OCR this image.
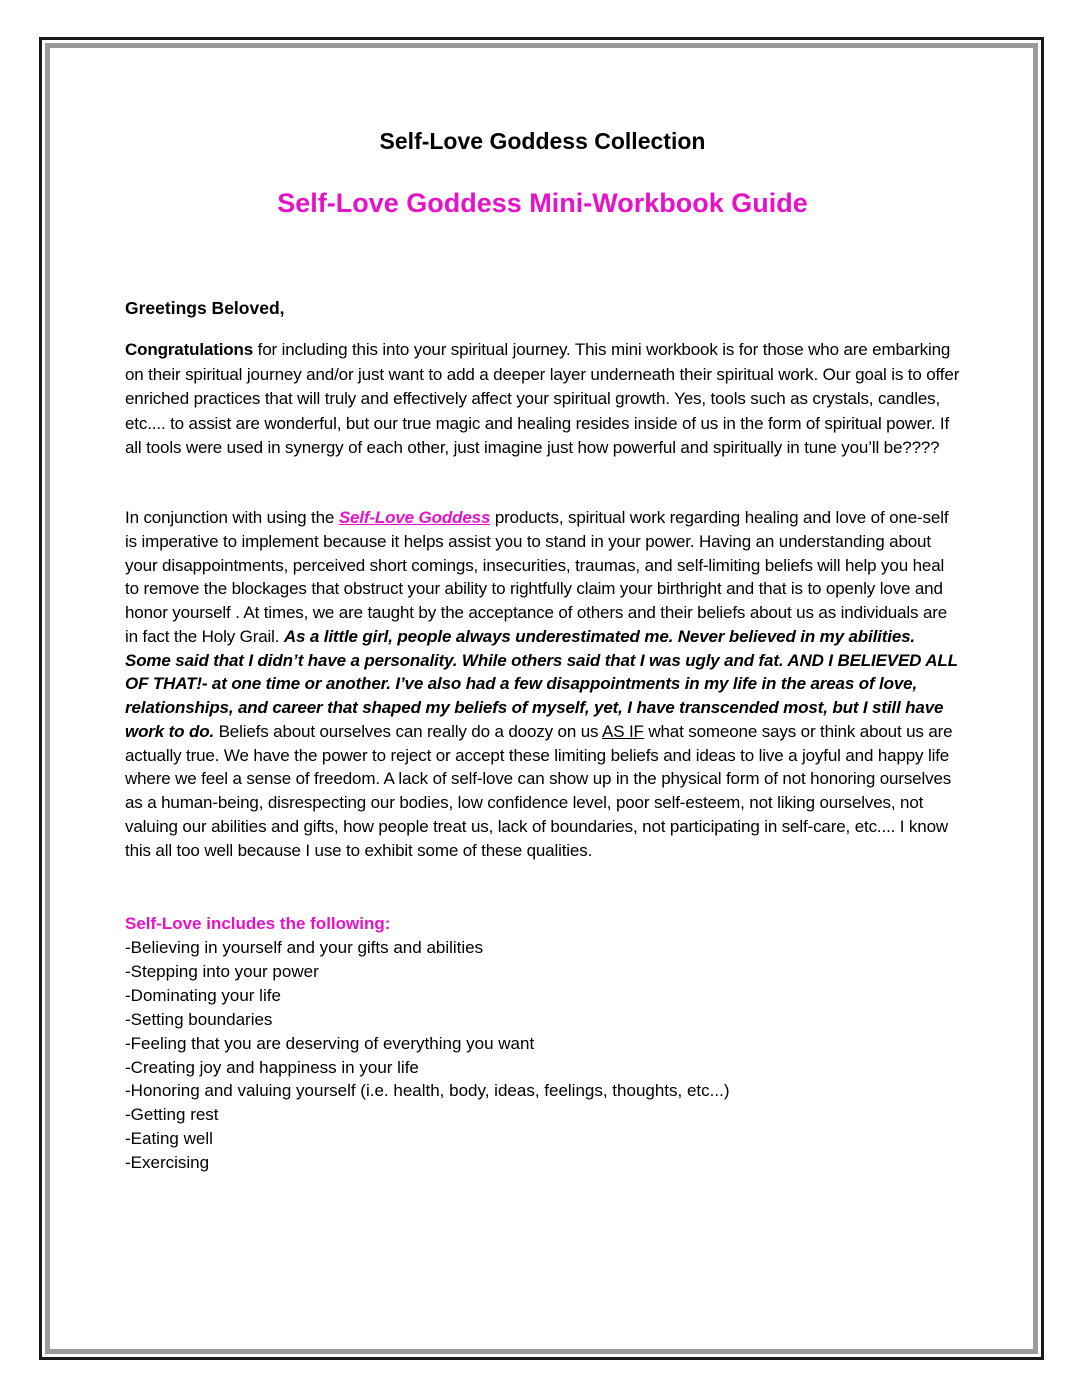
Self-Love Goddess Collection
Self-Love Goddess Mini-Workbook Guide
Greetings Beloved,
Congratulations for including this into your spiritual journey. This mini workbook is for those who are embarking on their spiritual journey and/or just want to add a deeper layer underneath their spiritual work. Our goal is to offer enriched practices that will truly and effectively affect your spiritual growth. Yes, tools such as crystals, candles, etc.... to assist are wonderful, but our true magic and healing resides inside of us in the form of spiritual power. If all tools were used in synergy of each other, just imagine just how powerful and spiritually in tune you’ll be????
In conjunction with using the Self-Love Goddess products, spiritual work regarding healing and love of one-self is imperative to implement because it helps assist you to stand in your power. Having an understanding about your disappointments, perceived short comings, insecurities, traumas, and self-limiting beliefs will help you heal to remove the blockages that obstruct your ability to rightfully claim your birthright and that is to openly love and honor yourself . At times, we are taught by the acceptance of others and their beliefs about us as individuals are in fact the Holy Grail. As a little girl, people always underestimated me. Never believed in my abilities. Some said that I didn’t have a personality. While others said that I was ugly and fat. AND I BELIEVED ALL OF THAT!- at one time or another. I’ve also had a few disappointments in my life in the areas of love, relationships, and career that shaped my beliefs of myself, yet, I have transcended most, but I still have work to do. Beliefs about ourselves can really do a doozy on us AS IF what someone says or think about us are actually true. We have the power to reject or accept these limiting beliefs and ideas to live a joyful and happy life where we feel a sense of freedom. A lack of self-love can show up in the physical form of not honoring ourselves as a human-being, disrespecting our bodies, low confidence level, poor self-esteem, not liking ourselves, not valuing our abilities and gifts, how people treat us, lack of boundaries, not participating in self-care, etc.... I know this all too well because I use to exhibit some of these qualities.
Self-Love includes the following:
-Believing in yourself and your gifts and abilities
-Stepping into your power
-Dominating your life
-Setting boundaries
-Feeling that you are deserving of everything you want
-Creating joy and happiness in your life
-Honoring and valuing yourself (i.e. health, body, ideas, feelings, thoughts, etc...)
-Getting rest
-Eating well
-Exercising
